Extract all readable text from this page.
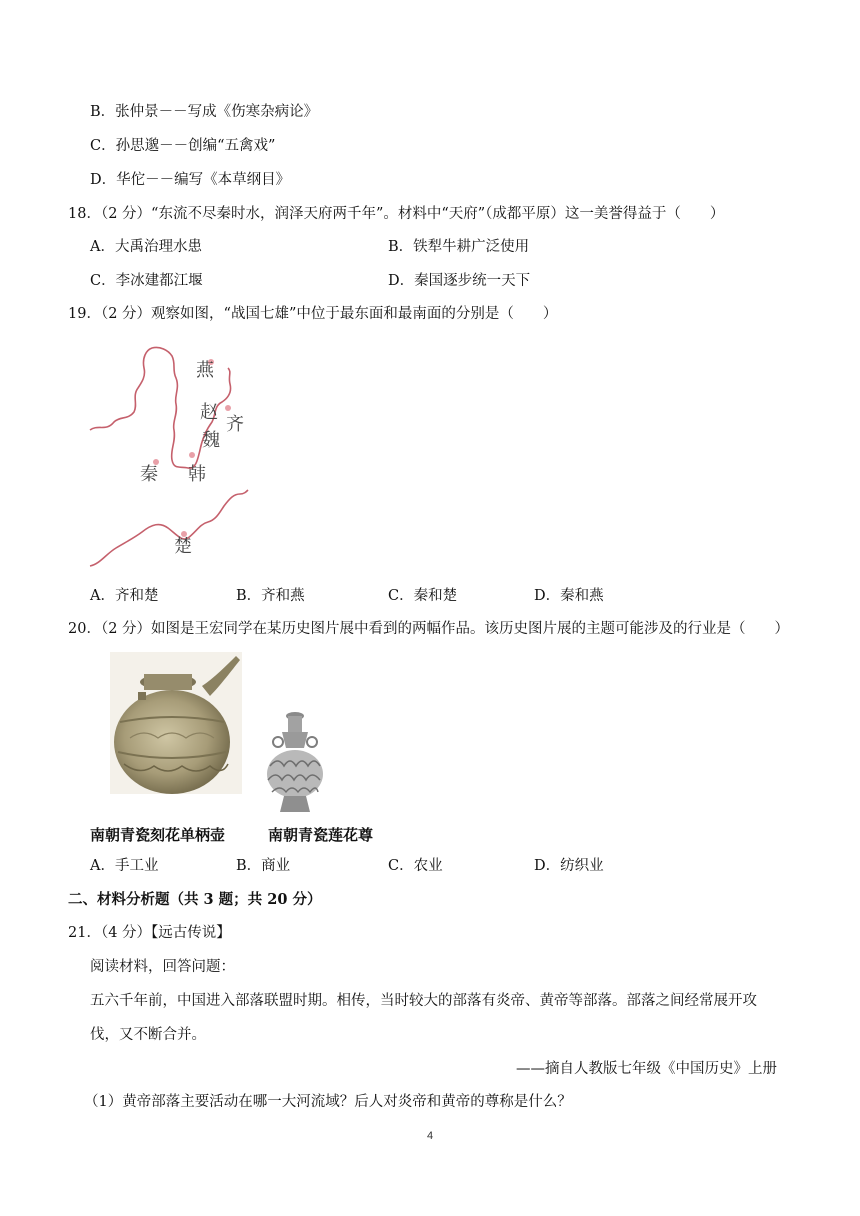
B．张仲景－－写成《伤寒杂病论》
C．孙思邈－－创编“五禽戏”
D．华佗－－编写《本草纲目》
18．（2 分）“东流不尽秦时水，润泽天府两千年”。材料中“天府”（成都平原）这一美誉得益于（　　）
A．大禹治理水患	B．铁犁牛耕广泛使用
C．李冰建都江堰	D．秦国逐步统一天下
19．（2 分）观察如图，“战国七雄”中位于最东面和最南面的分别是（　　）
燕
赵
齐
魏
秦 韩
楚
A．齐和楚	B．齐和燕	C．秦和楚	D．秦和燕
20．（2 分）如图是王宏同学在某历史图片展中看到的两幅作品。该历史图片展的主题可能涉及的行业是（　　）
南朝青瓷刻花单柄壶	南朝青瓷莲花尊
A．手工业	B．商业	C．农业	D．纺织业
二、材料分析题（共 3 题；共 20 分）
21．（4 分）【远古传说】
阅读材料，回答问题：
五六千年前，中国进入部落联盟时期。相传，当时较大的部落有炎帝、黄帝等部落。部落之间经常展开攻
伐，又不断合并。
——摘自人教版七年级《中国历史》上册
（1）黄帝部落主要活动在哪一大河流域？后人对炎帝和黄帝的尊称是什么？
4
